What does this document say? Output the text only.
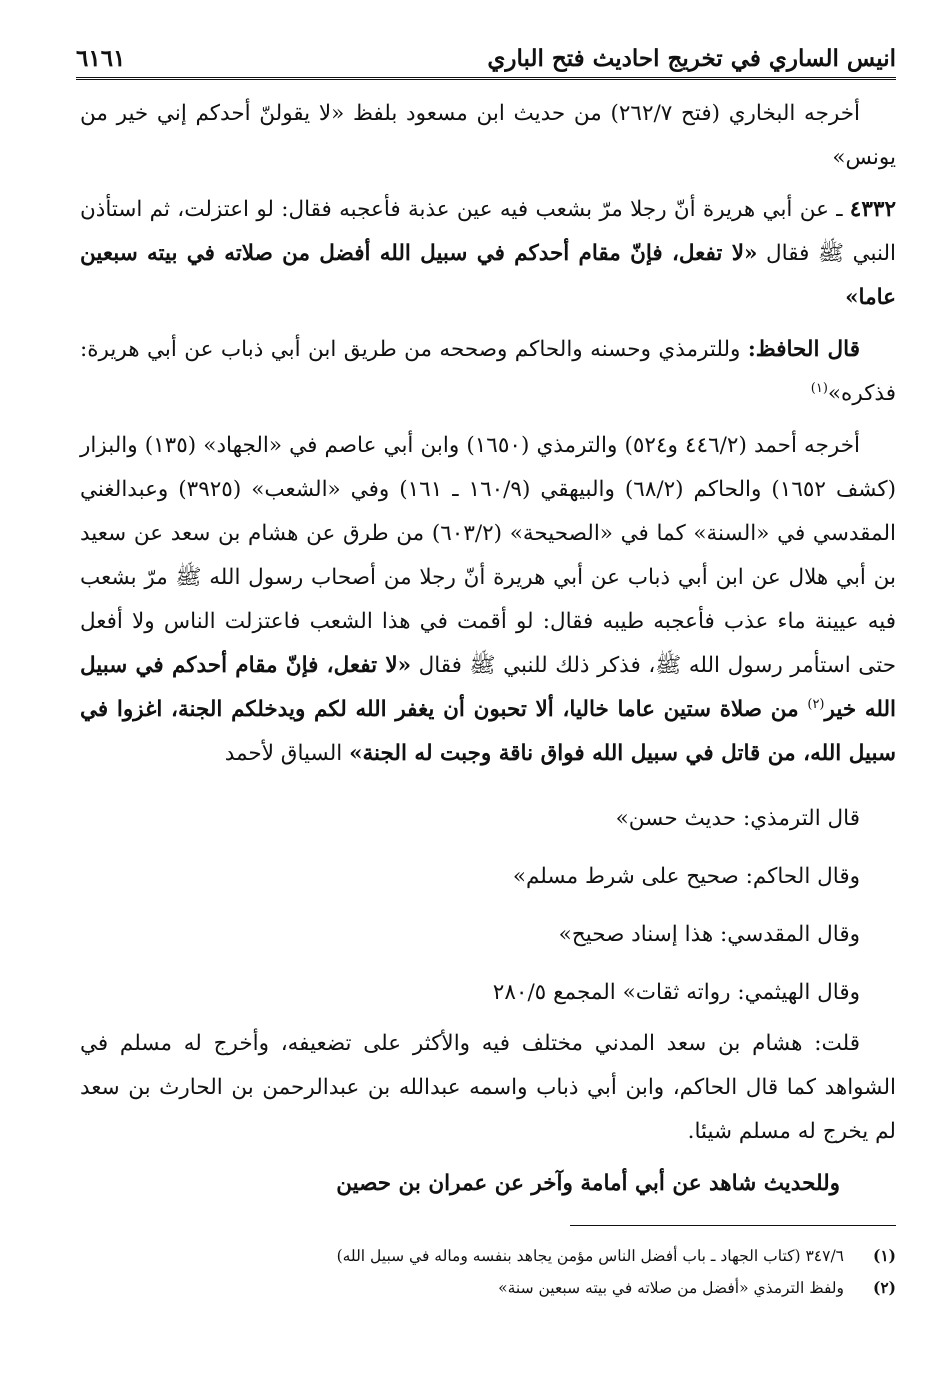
انيس الساري في تخريج احاديث فتح الباري
٦١٦١

أخرجه البخاري (فتح ٢٦٢/٧) من حديث ابن مسعود بلفظ «لا يقولنّ أحدكم إني خير من يونس»

٤٣٣٢ ـ عن أبي هريرة أنّ رجلا مرّ بشعب فيه عين عذبة فأعجبه فقال: لو اعتزلت، ثم استأذن النبي ﷺ فقال «لا تفعل، فإنّ مقام أحدكم في سبيل الله أفضل من صلاته في بيته سبعين عاما»

قال الحافظ: وللترمذي وحسنه والحاكم وصححه من طريق ابن أبي ذباب عن أبي هريرة: فذكره»$^{(١)}$

أخرجه أحمد (٤٤٦/٢ و٥٢٤) والترمذي (١٦٥٠) وابن أبي عاصم في «الجهاد» (١٣٥) والبزار (كشف ١٦٥٢) والحاكم (٦٨/٢) والبيهقي (١٦٠/٩ ـ ١٦١) وفي «الشعب» (٣٩٢٥) وعبدالغني المقدسي في «السنة» كما في «الصحيحة» (٦٠٣/٢) من طرق عن هشام بن سعد عن سعيد بن أبي هلال عن ابن أبي ذباب عن أبي هريرة أنّ رجلا من أصحاب رسول الله ﷺ مرّ بشعب فيه عيينة ماء عذب فأعجبه طيبه فقال: لو أقمت في هذا الشعب فاعتزلت الناس ولا أفعل حتى استأمر رسول الله ﷺ، فذكر ذلك للنبي ﷺ فقال «لا تفعل، فإنّ مقام أحدكم في سبيل الله خير$^{(٢)}$ من صلاة ستين عاما خاليا، ألا تحبون أن يغفر الله لكم ويدخلكم الجنة، اغزوا في سبيل الله، من قاتل في سبيل الله فواق ناقة وجبت له الجنة» السياق لأحمد

قال الترمذي: حديث حسن»
وقال الحاكم: صحيح على شرط مسلم»
وقال المقدسي: هذا إسناد صحيح»
وقال الهيثمي: رواته ثقات» المجمع ٢٨٠/٥

قلت: هشام بن سعد المدني مختلف فيه والأكثر على تضعيفه، وأخرج له مسلم في الشواهد كما قال الحاكم، وابن أبي ذباب واسمه عبدالله بن عبدالرحمن بن الحارث بن سعد لم يخرج له مسلم شيئا.

وللحديث شاهد عن أبي أمامة وآخر عن عمران بن حصين

(١)٣٤٧/٦ (كتاب الجهاد ـ باب أفضل الناس مؤمن يجاهد بنفسه وماله في سبيل الله)
(٢)ولفظ الترمذي «أفضل من صلاته في بيته سبعين سنة»
